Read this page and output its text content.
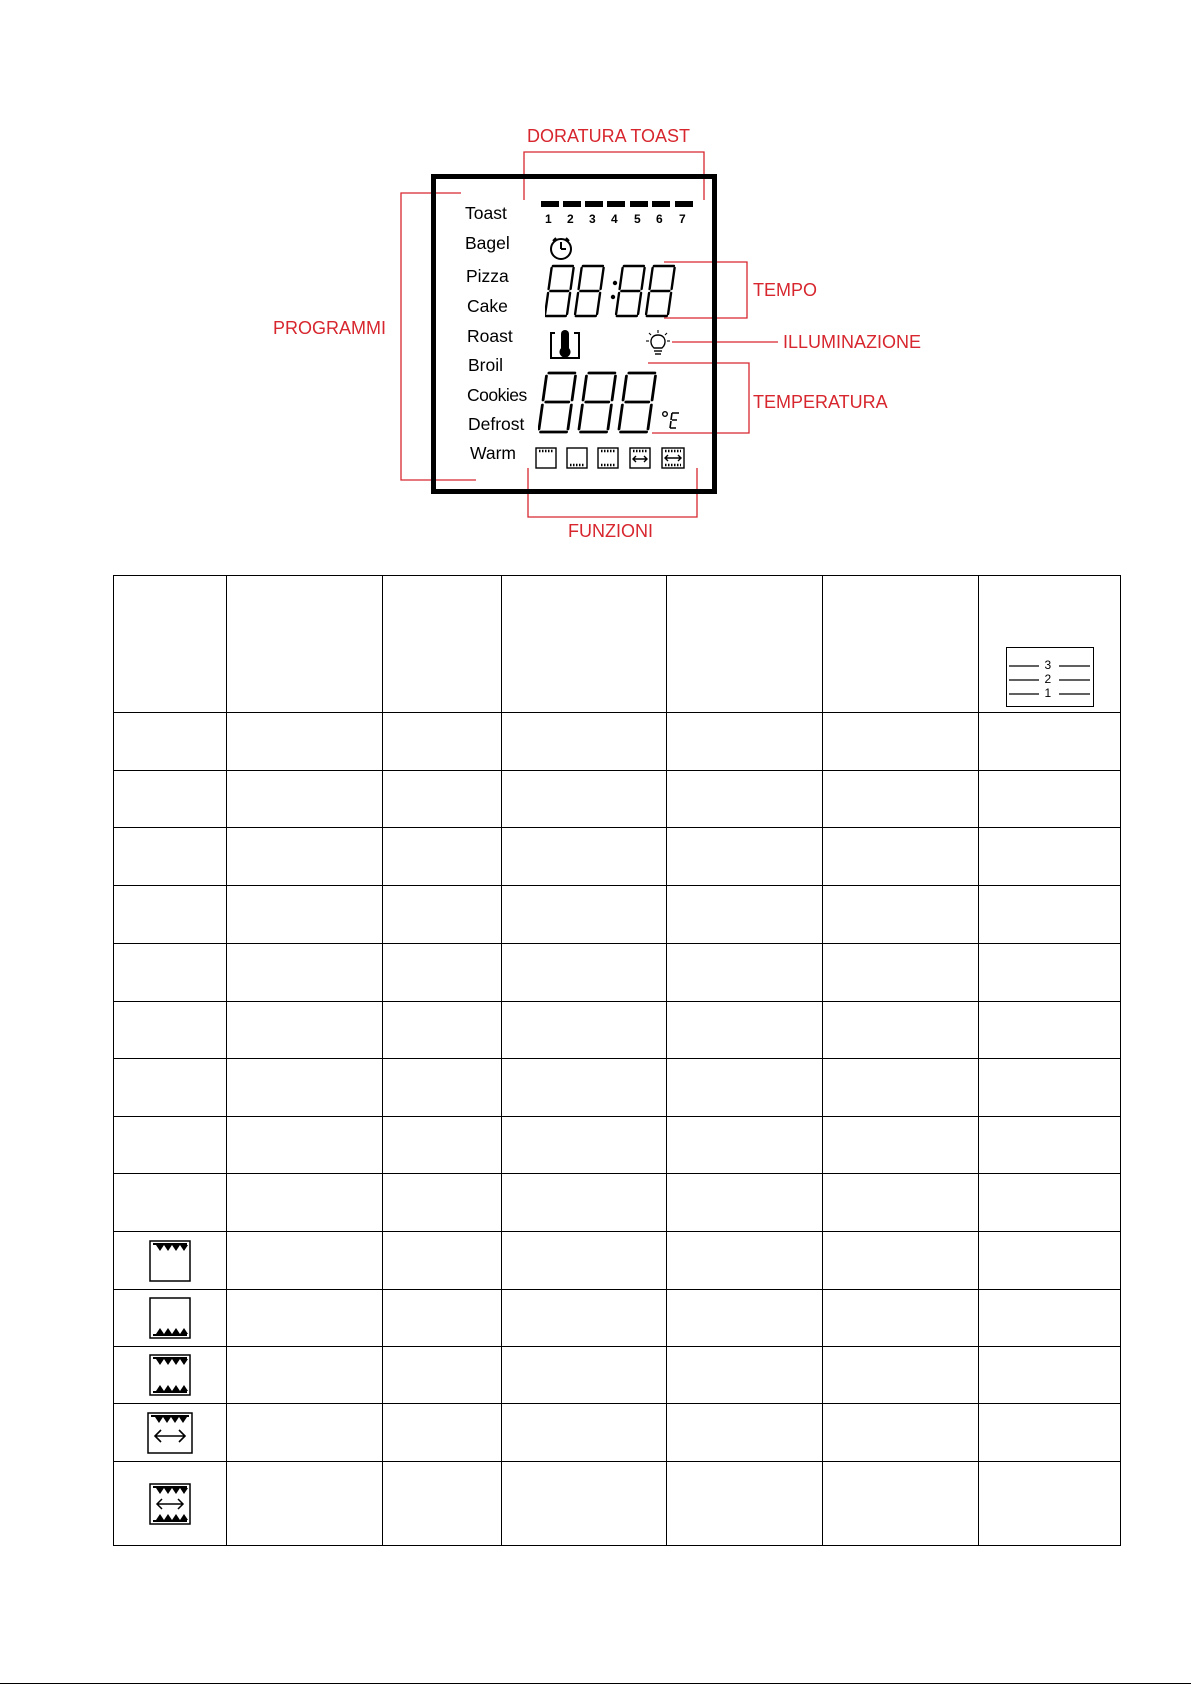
DORATURA TOAST
PROGRAMMI
TEMPO
ILLUMINAZIONE
TEMPERATURA
FUNZIONI
Toast
Bagel
Pizza
Cake
Roast
Broil
Cookies
Defrost
Warm
1 2 3 4 5 6 7

						3
2
1
